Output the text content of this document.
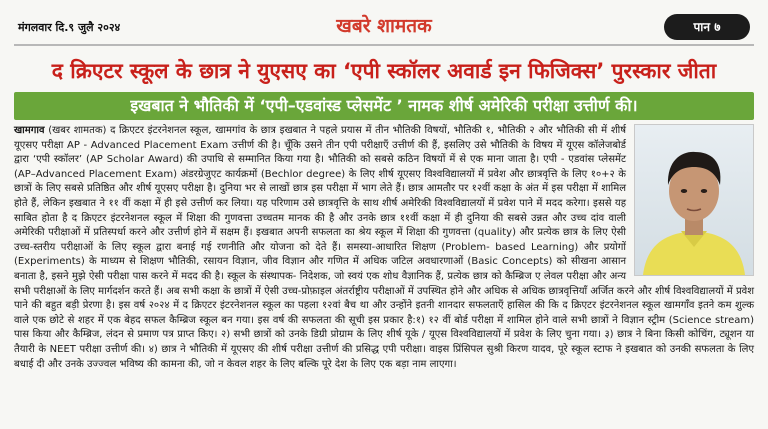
मंगलवार दि.९ जुलै २०२४	खबरे शामतक	पान ७
द क्रिएटर स्कूल के छात्र ने युएसए का ‘एपी स्कॉलर अवार्ड इन फिजिक्स’ पुरस्कार जीता
इखबात ने भौतिकी में ‘एपी–एडवांस्ड प्लेसमेंट ’ नामक शीर्ष अमेरिकी परीक्षा उत्तीर्ण की।

खामगाव (खबर शामतक) द क्रिएटर इंटरनेशनल स्कूल, खामगांव के छात्र इखबात ने पहले प्रयास में तीन भौतिकी विषयों, भौतिकी १, भौतिकी २ और भौतिकी सी में शीर्ष यूएसए परीक्षा AP - Advanced Placement Exam उत्तीर्ण की है। चूँकि उसने तीन एपी परीक्षाएँ उत्तीर्ण की हैं, इसलिए उसे भौतिकी के विषय में यूएस कॉलेजबोर्ड द्वारा ‘एपी स्कॉलर’ (AP Scholar Award) की उपाधि से सम्मानित किया गया है। भौतिकी को सबसे कठिन विषयों में से एक माना जाता है। एपी - एडवांस प्लेसमेंट (AP–Advanced Placement Exam) अंडरग्रेजुएट कार्यक्रमों (Bechlor degree) के लिए शीर्ष यूएसए विश्वविद्यालयों में प्रवेश और छात्रवृत्ति के लिए १०+२ के छात्रों के लिए सबसे प्रतिष्ठित और शीर्ष यूएसए परीक्षा है। दुनिया भर से लाखों छात्र इस परीक्षा में भाग लेते हैं। छात्र आमतौर पर १२वीं कक्षा के अंत में इस परीक्षा में शामिल होते हैं, लेकिन इखबात ने ११ वीं कक्षा में ही इसे उत्तीर्ण कर लिया। यह परिणाम उसे छात्रवृत्ति के साथ शीर्ष अमेरिकी विश्वविद्यालयों में प्रवेश पाने में मदद करेगा। इससे यह साबित होता है द क्रिएटर इंटरनेशनल स्कूल में शिक्षा की गुणवत्ता उच्चतम मानक की है और उनके छात्र ११वीं कक्षा में ही दुनिया की सबसे उन्नत और उच्च दांव वाली अमेरिकी परीक्षाओं में प्रतिस्पर्धा करने और उत्तीर्ण होने में सक्षम हैं। इखबात अपनी सफलता का श्रेय स्कूल में शिक्षा की गुणवत्ता (quality) और प्रत्येक छात्र के लिए ऐसी उच्च-स्तरीय परीक्षाओं के लिए स्कूल द्वारा बनाई गई रणनीति और योजना को देते हैं। समस्या-आधारित शिक्षण (Problem- based Learning) और प्रयोगों (Experiments) के माध्यम से शिक्षण भौतिकी, रसायन विज्ञान, जीव विज्ञान और गणित में अधिक जटिल अवधारणाओं (Basic Concepts) को सीखना आसान बनाता है, इसने मुझे ऐसी परीक्षा पास करने में मदद की है। स्कूल के संस्थापक- निदेशक, जो स्वयं एक शोध वैज्ञानिक हैं, प्रत्येक छात्र को कैम्ब्रिज ए लेवल परीक्षा और अन्य सभी परीक्षाओं के लिए मार्गदर्शन करते हैं। अब सभी कक्षा के छात्रों में ऐसी उच्च-प्रोफ़ाइल अंतर्राष्ट्रीय परीक्षाओं में उपस्थित होने और अधिक से अधिक छात्रवृत्तियाँ अर्जित करने और शीर्ष विश्वविद्यालयों में प्रवेश पाने की बहुत बड़ी प्रेरणा है। इस वर्ष २०२४ में द क्रिएटर इंटरनेशनल स्कूल का पहला १२वां बैच था और उन्होंने इतनी शानदार सफलताएँ हासिल की कि द क्रिएटर इंटरनेशनल स्कूल खामगाँव इतने कम शुल्क वाले एक छोटे से शहर में एक बेहद सफल कैम्ब्रिज स्कूल बन गया। इस वर्ष की सफलता की सूची इस प्रकार है:१) १२ वीं बोर्ड परीक्षा में शामिल होने वाले सभी छात्रों ने विज्ञान स्ट्रीम (Science stream) पास किया और कैम्ब्रिज, लंदन से प्रमाण पत्र प्राप्त किए। २) सभी छात्रों को उनके डिग्री प्रोग्राम के लिए शीर्ष यूके / यूएस विश्वविद्यालयों में प्रवेश के लिए चुना गया। ३) छात्र ने बिना किसी कोचिंग, ट्यूशन या तैयारी के NEET परीक्षा उत्तीर्ण की। ४) छात्र ने भौतिकी में यूएसए की शीर्ष परीक्षा उत्तीर्ण की प्रसिद्ध एपी परीक्षा। वाइस प्रिंसिपल सुश्री किरण यादव, पूरे स्कूल स्टाफ ने इखबात को उनकी सफलता के लिए बधाई दी और उनके उज्ज्वल भविष्य की कामना की, जो न केवल शहर के लिए बल्कि पूरे देश के लिए एक बड़ा नाम लाएगा।
